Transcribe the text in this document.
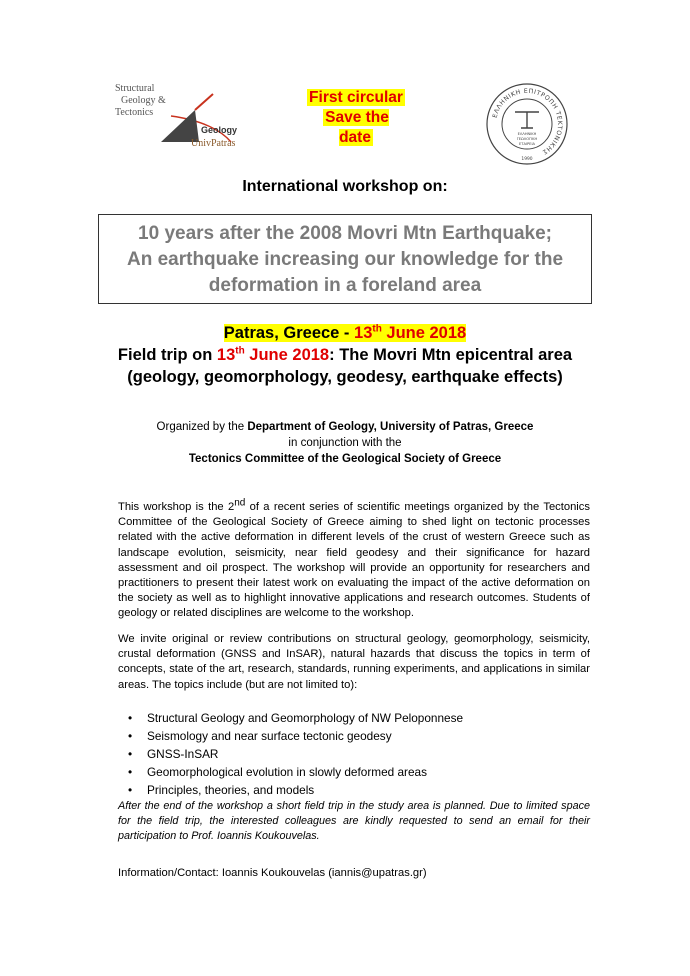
Structural
Geology &
Tectonics
Geology
UnivPatras
First circular
Save the date
ΕΛΛΗΝΙΚΗ ΕΠΙΤΡΟΠΗ ΤΕΚΤΟΝΙΚΗΣ
ΕΛΛΗΝΙΚΗ
ΓΕΩΛΟΓΙΚΗ
ΕΤΑΙΡΕΙΑ
1990
International workshop on:
10 years after the 2008 Movri Mtn Earthquake;
An earthquake increasing our knowledge for the
deformation in a foreland area
Patras, Greece - 13th June 2018
Field trip on 13th June 2018: The Movri Mtn epicentral area
(geology, geomorphology, geodesy, earthquake effects)
Organized by the Department of Geology, University of Patras, Greece
in conjunction with the
Tectonics Committee of the Geological Society of Greece

This workshop is the 2nd of a recent series of scientific meetings organized by the Tectonics Committee of the Geological Society of Greece aiming to shed light on tectonic processes related with the active deformation in different levels of the crust of western Greece such as landscape evolution, seismicity, near field geodesy and their significance for hazard assessment and oil prospect. The workshop will provide an opportunity for researchers and practitioners to present their latest work on evaluating the impact of the active deformation on the society as well as to highlight innovative applications and research outcomes. Students of geology or related disciplines are welcome to the workshop.

We invite original or review contributions on structural geology, geomorphology, seismicity, crustal deformation (GNSS and InSAR), natural hazards that discuss the topics in term of concepts, state of the art, research, standards, running experiments, and applications in similar areas. The topics include (but are not limited to):

• Structural Geology and Geomorphology of NW Peloponnese
• Seismology and near surface tectonic geodesy
• GNSS-InSAR
• Geomorphological evolution in slowly deformed areas
• Principles, theories, and models

After the end of the workshop a short field trip in the study area is planned. Due to limited space for the field trip, the interested colleagues are kindly requested to send an email for their participation to Prof. Ioannis Koukouvelas.

Information/Contact: Ioannis Koukouvelas (iannis@upatras.gr)
